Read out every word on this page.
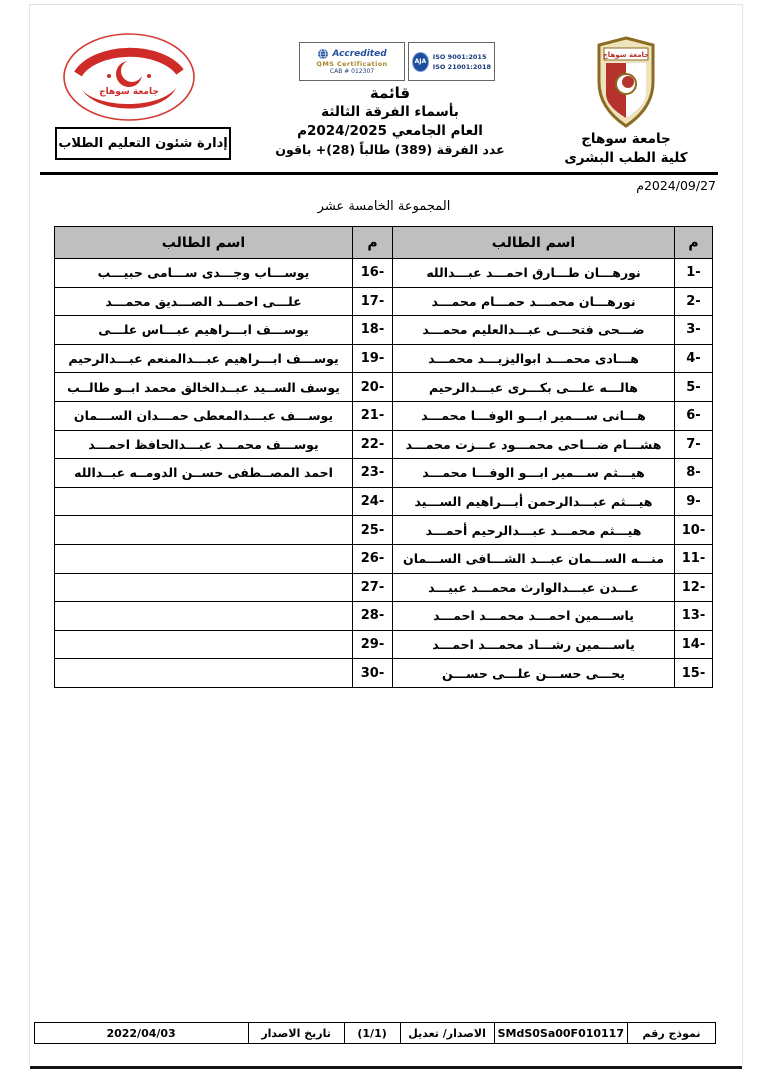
جامعة سوهاج
إدارة شئون التعليم الطلاب
Accredited
QMS Certification
CAB # 012307
AJA
ISO 9001:2015
ISO 21001:2018
قائمة
بأسماء الفرقة الثالثة
العام الجامعي 2024/2025م
عدد الفرقة (389) طالباً ‎+(28)‎ باقون
جامعة سوهاج
جامعة سوهاج
كلية الطب البشرى
2024/09/27م
المجموعة الخامسة عشر
م	اسم الطالب	م	اسم الطالب
1-	نورهـــان طـــارق احمـــد عبـــدالله	16-	يوســـاب وجـــدى ســـامى حبيـــب
2-	نورهـــان محمـــد حمـــام محمـــد	17-	علـــى احمـــد الصـــديق محمـــد
3-	ضـــحى فتحـــى عبـــدالعليم محمـــد	18-	يوســـف ابـــراهيم عبـــاس علـــى
4-	هـــادى محمـــد ابواليزيـــد محمـــد	19-	يوســـف ابـــراهيم عبـــدالمنعم عبـــدالرحيم
5-	هالـــه علـــى بكـــرى عبـــدالرحيم	20-	يوسف الســيد عبــدالخالق محمد ابــو طالــب
6-	هـــانى ســـمير ابـــو الوفـــا محمـــد	21-	يوســـف عبـــدالمعطى حمـــدان الســـمان
7-	هشـــام ضـــاحى محمـــود عـــزت محمـــد	22-	يوســـف محمـــد عبـــدالحافظ احمـــد
8-	هيـــثم ســـمير ابـــو الوفـــا محمـــد	23-	احمد المصــطفى حســن الدومــه عبــدالله
9-	هيـــثم عبـــدالرحمن أبـــراهيم الســـيد	24-	
10-	هيـــثم محمـــد عبـــدالرحيم أحمـــد	25-	
11-	منـــه الســـمان عبـــد الشـــافى الســـمان	26-	
12-	عـــدن عبـــدالوارث محمـــد عبيـــد	27-	
13-	ياســـمين احمـــد محمـــد احمـــد	28-	
14-	ياســـمين رشـــاد محمـــد احمـــد	29-	
15-	يحـــى حســـن علـــى حســـن	30-	
نموذج رقم	SMdS0Sa00F010117	الاصدار/ تعديل	(1/1)	تاريخ الاصدار	2022/04/03
